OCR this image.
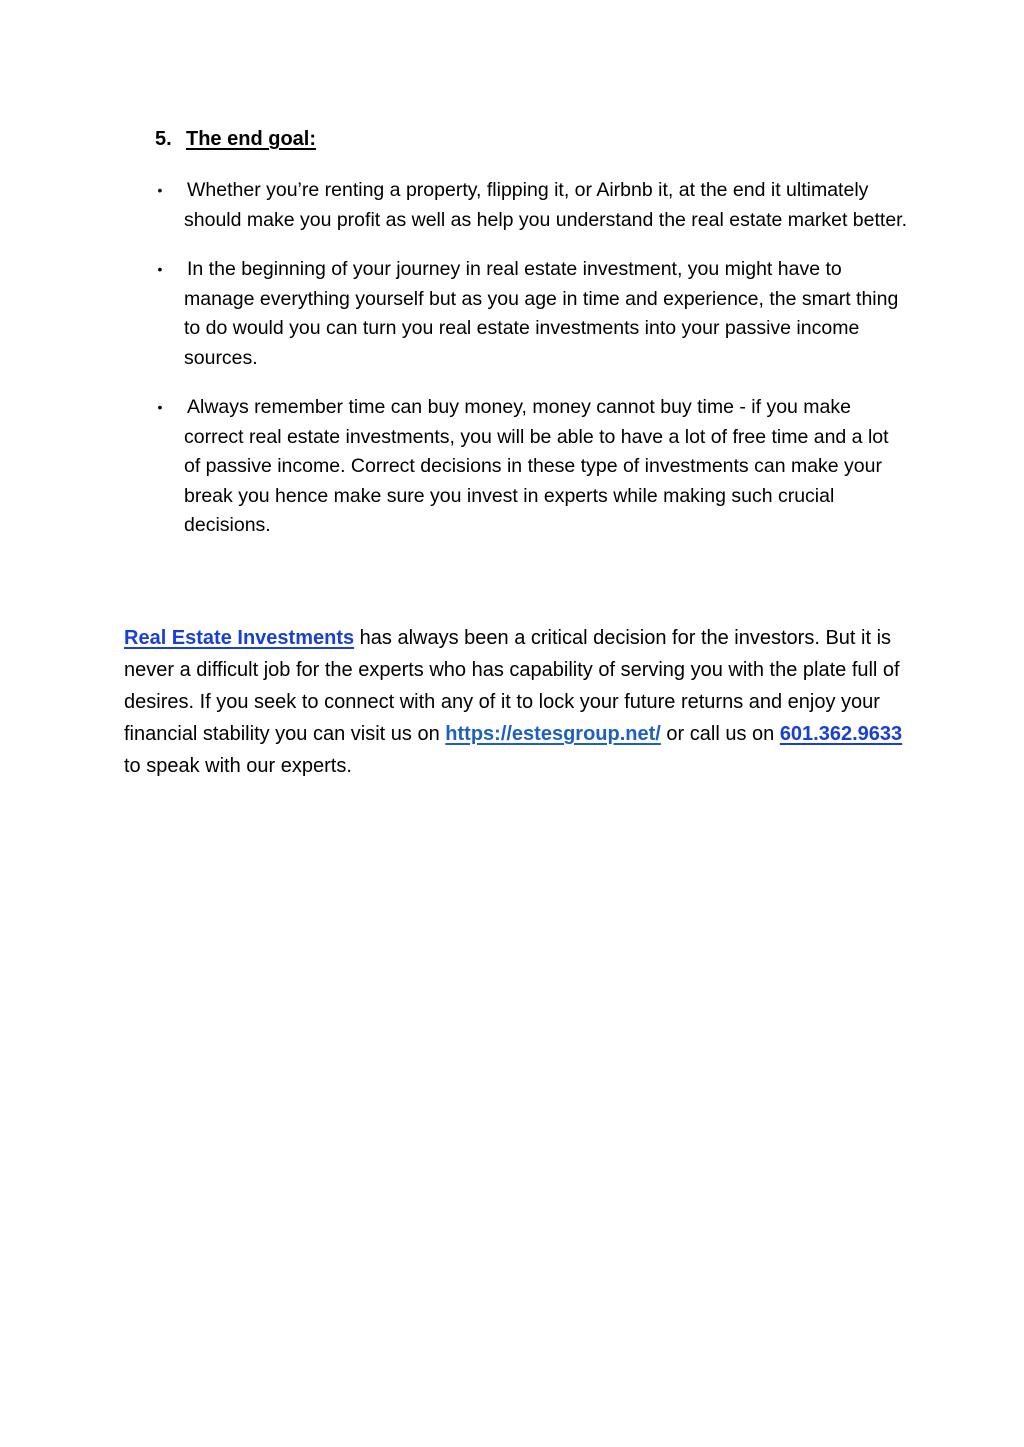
5. The end goal:
• Whether you’re renting a property, flipping it, or Airbnb it, at the end it ultimately should make you profit as well as help you understand the real estate market better.
• In the beginning of your journey in real estate investment, you might have to manage everything yourself but as you age in time and experience, the smart thing to do would you can turn you real estate investments into your passive income sources.
• Always remember time can buy money, money cannot buy time - if you make correct real estate investments, you will be able to have a lot of free time and a lot of passive income. Correct decisions in these type of investments can make your break you hence make sure you invest in experts while making such crucial decisions.

Real Estate Investments has always been a critical decision for the investors. But it is never a difficult job for the experts who has capability of serving you with the plate full of desires. If you seek to connect with any of it to lock your future returns and enjoy your financial stability you can visit us on https://estesgroup.net/ or call us on 601.362.9633 to speak with our experts.
